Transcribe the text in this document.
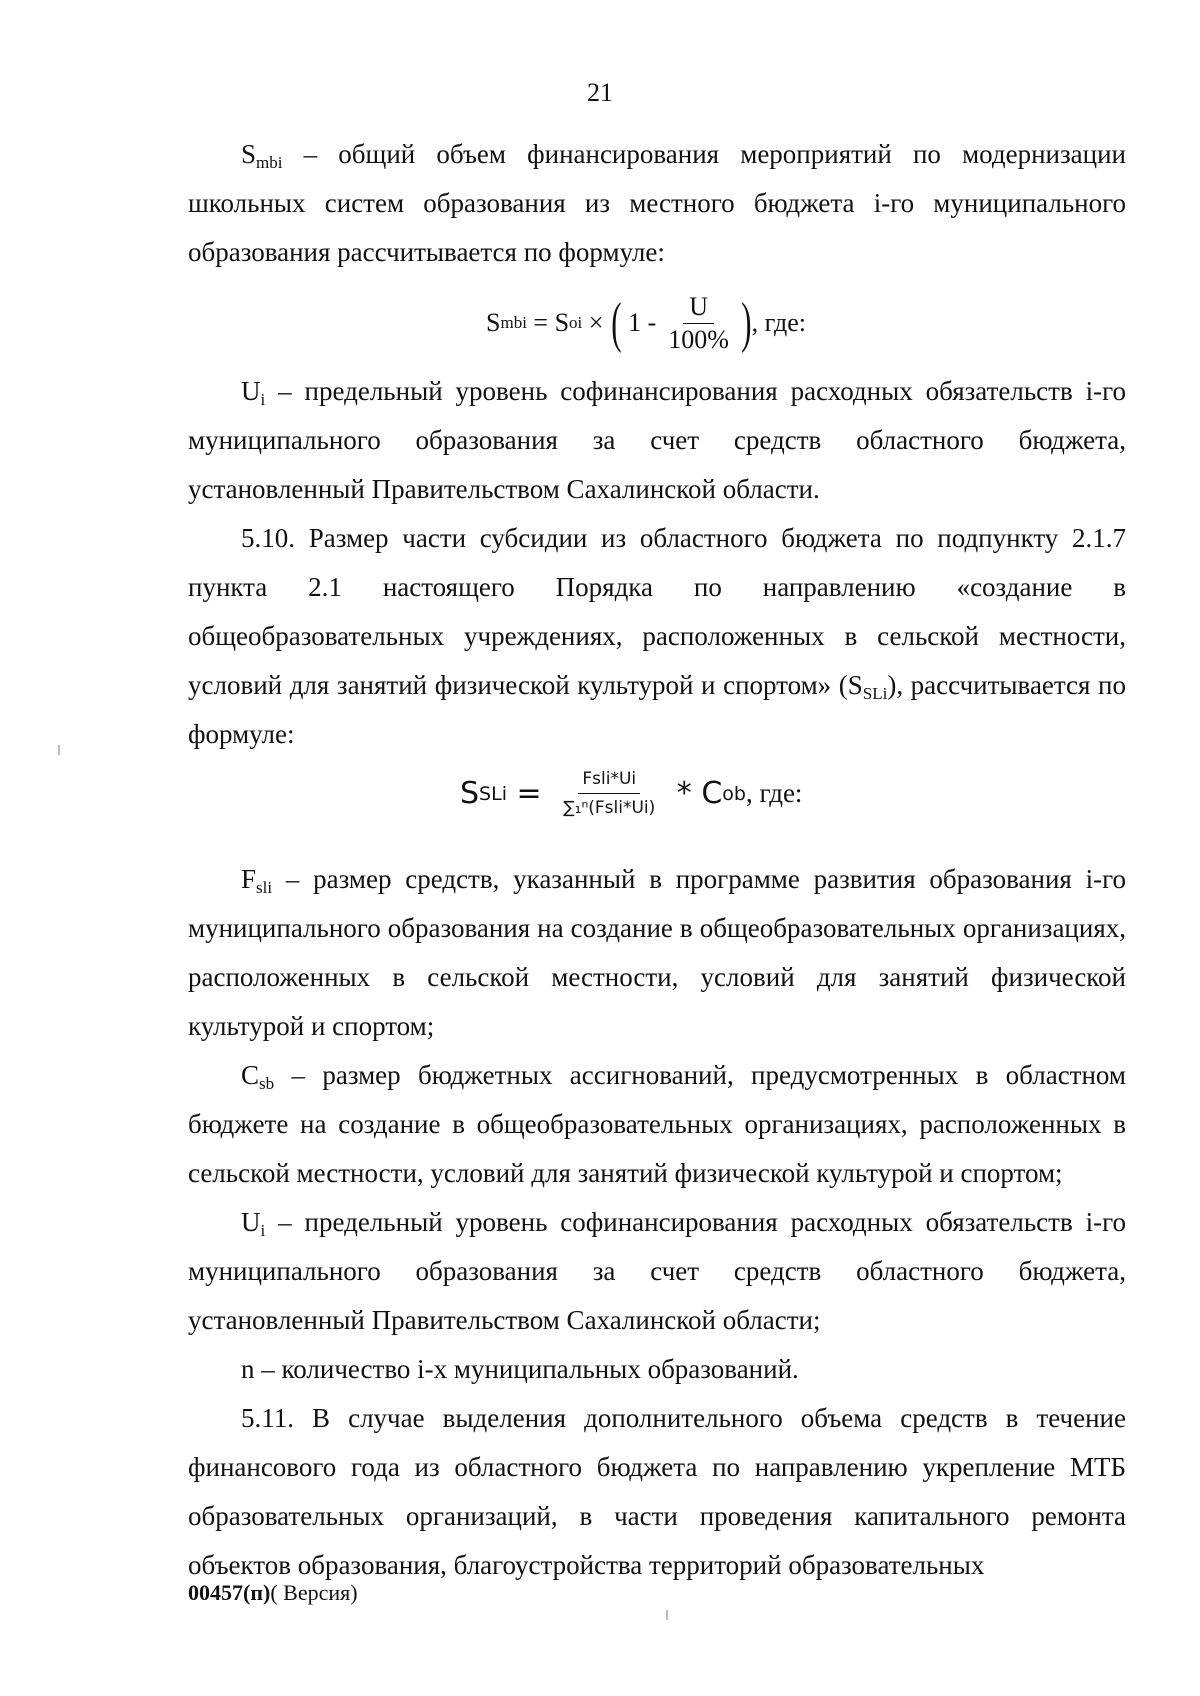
21

$S_{mbi}$ – общий объем финансирования мероприятий по модернизации школьных систем образования из местного бюджета i-го муниципального образования рассчитывается по формуле:

S mbi = S oi × ( $1 - \frac{U}{100\%}$ ) , где:

$U_i$ – предельный уровень софинансирования расходных обязательств i-го муниципального образования за счет средств областного бюджета, установленный Правительством Сахалинской области.

5.10. Размер части субсидии из областного бюджета по подпункту 2.1.7 пункта 2.1 настоящего Порядка по направлению «создание в общеобразовательных учреждениях, расположенных в сельской местности, условий для занятий физической культурой и спортом» $(S_{SLi})$, рассчитывается по формуле:

S SLi = $\frac{\text{Fsli*Ui}}{\text{∑₁ⁿ(Fsli*Ui)}}$ * C ob , где:

$F_{sli}$ – размер средств, указанный в программе развития образования i-го муниципального образования на создание в общеобразовательных организациях, расположенных в сельской местности, условий для занятий физической культурой и спортом;

$C_{sb}$ – размер бюджетных ассигнований, предусмотренных в областном бюджете на создание в общеобразовательных организациях, расположенных в сельской местности, условий для занятий физической культурой и спортом;

$U_i$ – предельный уровень софинансирования расходных обязательств i-го муниципального образования за счет средств областного бюджета, установленный Правительством Сахалинской области;

n – количество i-х муниципальных образований.

5.11. В случае выделения дополнительного объема средств в течение финансового года из областного бюджета по направлению укрепление МТБ образовательных организаций, в части проведения капитального ремонта объектов образования, благоустройства территорий образовательных

00457(п)( Версия)
